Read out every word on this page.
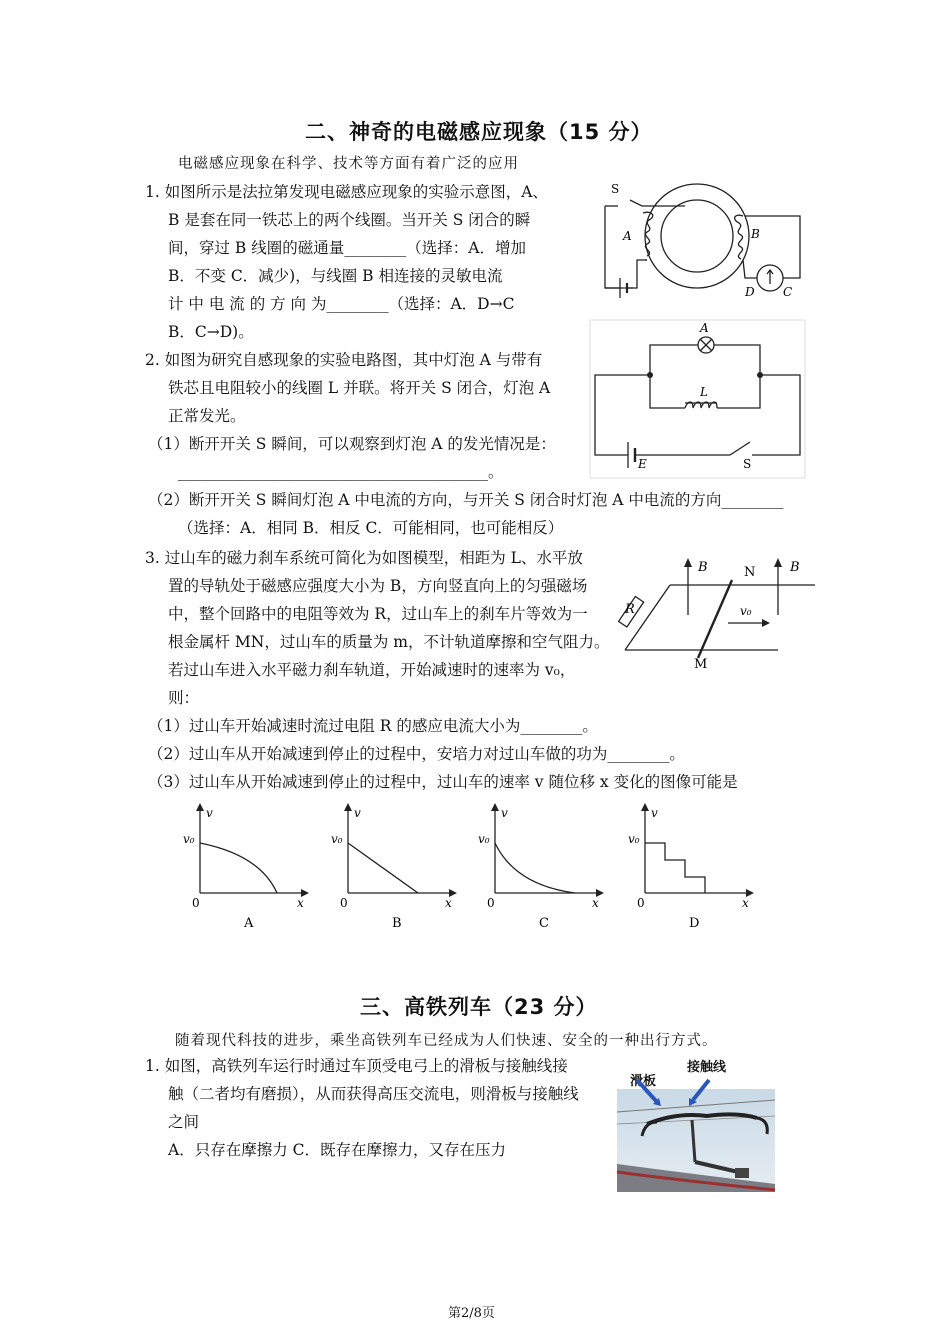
二、神奇的电磁感应现象（15 分）
电磁感应现象在科学、技术等方面有着广泛的应用
1. 如图所示是法拉第发现电磁感应现象的实验示意图，A、
B 是套在同一铁芯上的两个线圈。当开关 S 闭合的瞬
间，穿过 B 线圈的磁通量________（选择：A．增加
B．不变 C．减少)，与线圈 B 相连接的灵敏电流
计 中 电 流 的 方 向 为________（选择：A．D→C
B．C→D)。
S
A	B
D C
2. 如图为研究自感现象的实验电路图，其中灯泡 A 与带有
铁芯且电阻较小的线圈 L 并联。将开关 S 闭合，灯泡 A
正常发光。
（1）断开开关 S 瞬间，可以观察到灯泡 A 的发光情况是：
________________________________________。
（2）断开开关 S 瞬间灯泡 A 中电流的方向，与开关 S 闭合时灯泡 A 中电流的方向________
（选择：A．相同 B．相反 C．可能相同，也可能相反）
A
L
E	S
3. 过山车的磁力刹车系统可简化为如图模型，相距为 L、水平放
置的导轨处于磁感应强度大小为 B，方向竖直向上的匀强磁场
中，整个回路中的电阻等效为 R，过山车上的刹车片等效为一
根金属杆 MN，过山车的质量为 m，不计轨道摩擦和空气阻力。
若过山车进入水平磁力刹车轨道，开始减速时的速率为 v₀，
则：
（1）过山车开始减速时流过电阻 R 的感应电流大小为________。
（2）过山车从开始减速到停止的过程中，安培力对过山车做的功为________。
（3）过山车从开始减速到停止的过程中，过山车的速率 v 随位移 x 变化的图像可能是
B	B
N
M
R	v₀
v
v₀
0	x
A
v
v₀
0	x
B
v
v₀
0	x
C
v
v₀
0	x
D
三、高铁列车（23 分）
随着现代科技的进步，乘坐高铁列车已经成为人们快速、安全的一种出行方式。
1. 如图，高铁列车运行时通过车顶受电弓上的滑板与接触线接
触（二者均有磨损），从而获得高压交流电，则滑板与接触线
之间
A．只存在摩擦力 C．既存在摩擦力，又存在压力
滑板
接触线
第2/8页
